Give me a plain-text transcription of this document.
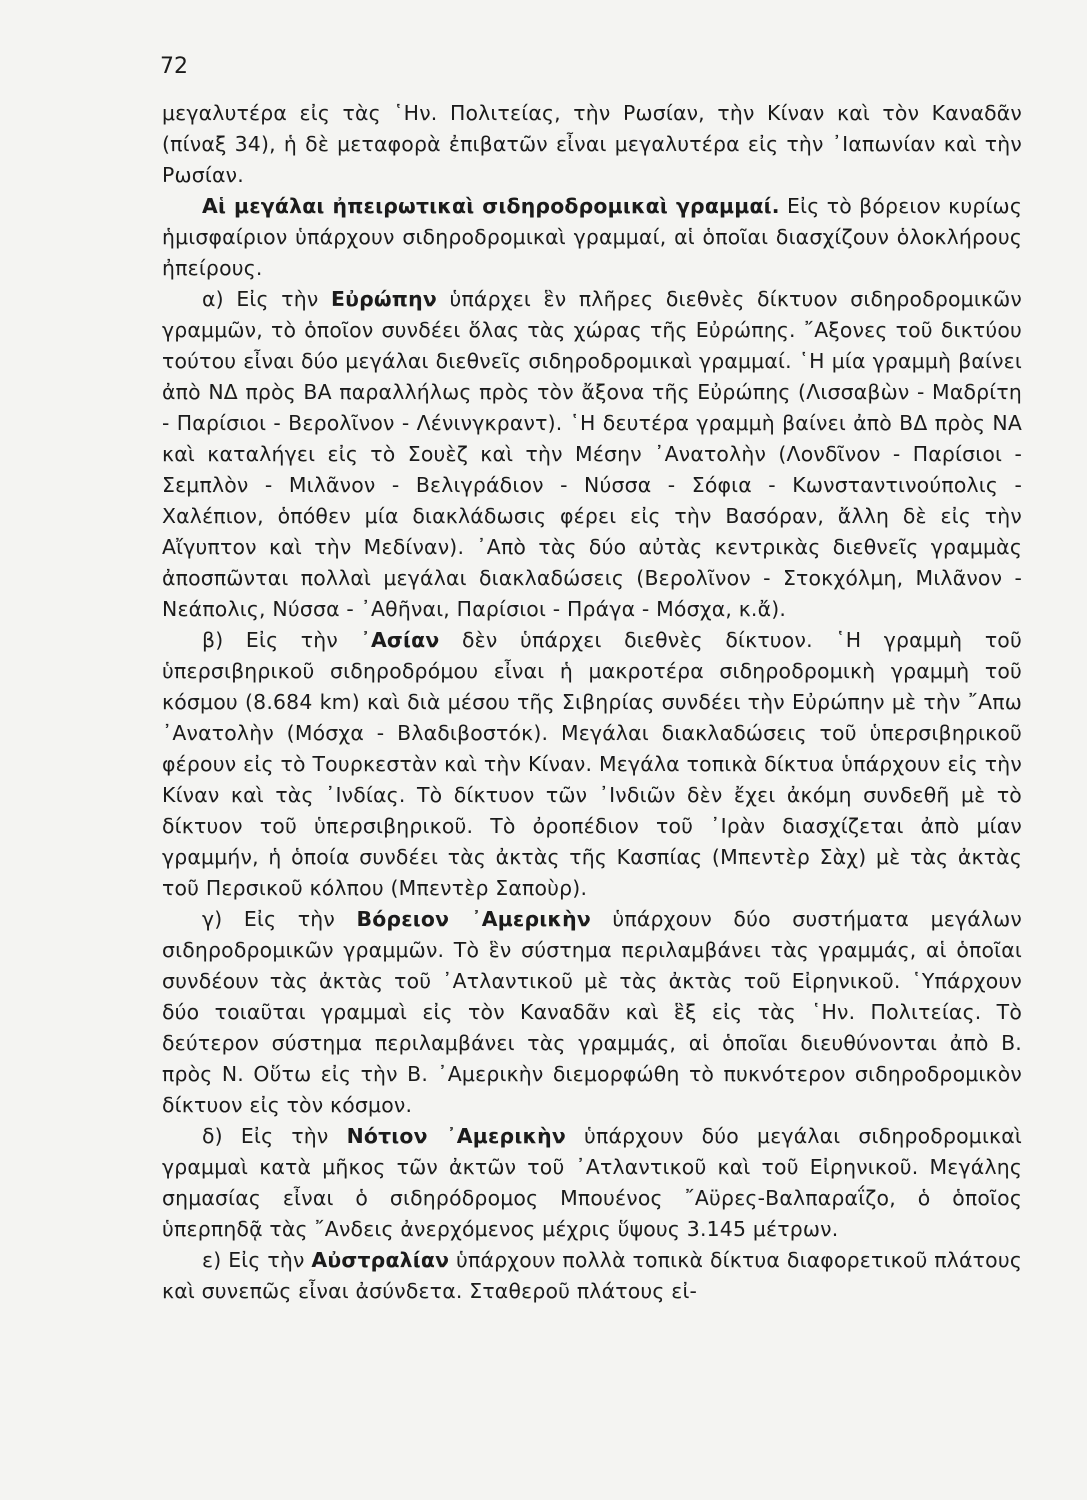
72

μεγαλυτέρα εἰς τὰς ῾Ην. Πολιτείας, τὴν Ρωσίαν, τὴν Κίναν καὶ τὸν Καναδᾶν (πίναξ 34), ἡ δὲ μεταφορὰ ἐπιβατῶν εἶναι μεγαλυτέρα εἰς τὴν ᾿Ιαπωνίαν καὶ τὴν Ρωσίαν.

Αἱ μεγάλαι ἠπειρωτικαὶ σιδηροδρομικαὶ γραμμαί. Εἰς τὸ βόρειον κυρίως ἡμισφαίριον ὑπάρχουν σιδηροδρομικαὶ γραμμαί, αἱ ὁποῖαι διασχίζουν ὁλοκλήρους ἠπείρους.

α) Εἰς τὴν Εὐρώπην ὑπάρχει ἓν πλῆρες διεθνὲς δίκτυον σιδηροδρομικῶν γραμμῶν, τὸ ὁποῖον συνδέει ὅλας τὰς χώρας τῆς Εὐρώπης. ῎Αξονες τοῦ δικτύου τούτου εἶναι δύο μεγάλαι διεθνεῖς σιδηροδρομικαὶ γραμμαί. ῾Η μία γραμμὴ βαίνει ἀπὸ ΝΔ πρὸς ΒΑ παραλλήλως πρὸς τὸν ἄξονα τῆς Εὐρώπης (Λισσαβὼν - Μαδρίτη - Παρίσιοι - Βερολῖνον - Λένινγκραντ). ῾Η δευτέρα γραμμὴ βαίνει ἀπὸ ΒΔ πρὸς ΝΑ καὶ καταλήγει εἰς τὸ Σουὲζ καὶ τὴν Μέσην ᾿Ανατολὴν (Λονδῖνον - Παρίσιοι - Σεμπλὸν - Μιλᾶνον - Βελιγράδιον - Νύσσα - Σόφια - Κωνσταντινούπολις - Χαλέπιον, ὁπόθεν μία διακλάδωσις φέρει εἰς τὴν Βασόραν, ἄλλη δὲ εἰς τὴν Αἴγυπτον καὶ τὴν Μεδίναν). ᾿Απὸ τὰς δύο αὐτὰς κεντρικὰς διεθνεῖς γραμμὰς ἀποσπῶνται πολλαὶ μεγάλαι διακλαδώσεις (Βερολῖνον - Στοκχόλμη, Μιλᾶνον - Νεάπολις, Νύσσα - ᾿Αθῆναι, Παρίσιοι - Πράγα - Μόσχα, κ.ἄ).

β) Εἰς τὴν ᾿Ασίαν δὲν ὑπάρχει διεθνὲς δίκτυον. ῾Η γραμμὴ τοῦ ὑπερσιβηρικοῦ σιδηροδρόμου εἶναι ἡ μακροτέρα σιδηροδρομικὴ γραμμὴ τοῦ κόσμου (8.684 km) καὶ διὰ μέσου τῆς Σιβηρίας συνδέει τὴν Εὐρώπην μὲ τὴν ῎Απω ᾿Ανατολὴν (Μόσχα - Βλαδιβοστόκ). Μεγάλαι διακλαδώσεις τοῦ ὑπερσιβηρικοῦ φέρουν εἰς τὸ Τουρκεστὰν καὶ τὴν Κίναν. Μεγάλα τοπικὰ δίκτυα ὑπάρχουν εἰς τὴν Κίναν καὶ τὰς ᾿Ινδίας. Τὸ δίκτυον τῶν ᾿Ινδιῶν δὲν ἔχει ἀκόμη συνδεθῆ μὲ τὸ δίκτυον τοῦ ὑπερσιβηρικοῦ. Τὸ ὀροπέδιον τοῦ ᾿Ιρὰν διασχίζεται ἀπὸ μίαν γραμμήν, ἡ ὁποία συνδέει τὰς ἀκτὰς τῆς Κασπίας (Μπεντὲρ Σὰχ) μὲ τὰς ἀκτὰς τοῦ Περσικοῦ κόλπου (Μπεντὲρ Σαποὺρ).

γ) Εἰς τὴν Βόρειον ᾿Αμερικὴν ὑπάρχουν δύο συστήματα μεγάλων σιδηροδρομικῶν γραμμῶν. Τὸ ἓν σύστημα περιλαμβάνει τὰς γραμμάς, αἱ ὁποῖαι συνδέουν τὰς ἀκτὰς τοῦ ᾿Ατλαντικοῦ μὲ τὰς ἀκτὰς τοῦ Εἰρηνικοῦ. ῾Υπάρχουν δύο τοιαῦται γραμμαὶ εἰς τὸν Καναδᾶν καὶ ἓξ εἰς τὰς ῾Ην. Πολιτείας. Τὸ δεύτερον σύστημα περιλαμβάνει τὰς γραμμάς, αἱ ὁποῖαι διευθύνονται ἀπὸ Β. πρὸς Ν. Οὕτω εἰς τὴν Β. ᾿Αμερικὴν διεμορφώθη τὸ πυκνότερον σιδηροδρομικὸν δίκτυον εἰς τὸν κόσμον.

δ) Εἰς τὴν Νότιον ᾿Αμερικὴν ὑπάρχουν δύο μεγάλαι σιδηροδρομικαὶ γραμμαὶ κατὰ μῆκος τῶν ἀκτῶν τοῦ ᾿Ατλαντικοῦ καὶ τοῦ Εἰρηνικοῦ. Μεγάλης σημασίας εἶναι ὁ σιδηρόδρομος Μπουένος ῎Αϋρες-Βαλπαραΐζο, ὁ ὁποῖος ὑπερπηδᾷ τὰς ῎Ανδεις ἀνερχόμενος μέχρις ὕψους 3.145 μέτρων.

ε) Εἰς τὴν Αὐστραλίαν ὑπάρχουν πολλὰ τοπικὰ δίκτυα διαφορετικοῦ πλάτους καὶ συνεπῶς εἶναι ἀσύνδετα. Σταθεροῦ πλάτους εἰ-
